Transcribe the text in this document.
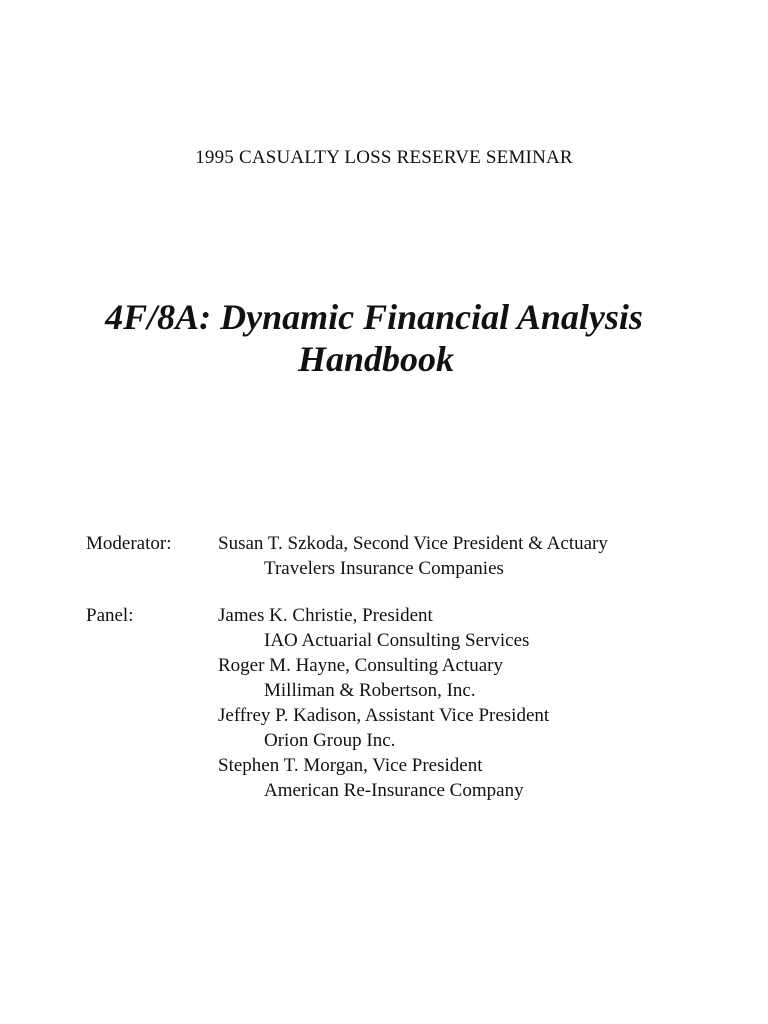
1995 CASUALTY LOSS RESERVE SEMINAR
4F/8A: Dynamic Financial Analysis
Handbook
Moderator: Susan T. Szkoda, Second Vice President & Actuary
Travelers Insurance Companies
Panel:	James K. Christie, President
IAO Actuarial Consulting Services
Roger M. Hayne, Consulting Actuary
Milliman & Robertson, Inc.
Jeffrey P. Kadison, Assistant Vice President
Orion Group Inc.
Stephen T. Morgan, Vice President
American Re-Insurance Company
